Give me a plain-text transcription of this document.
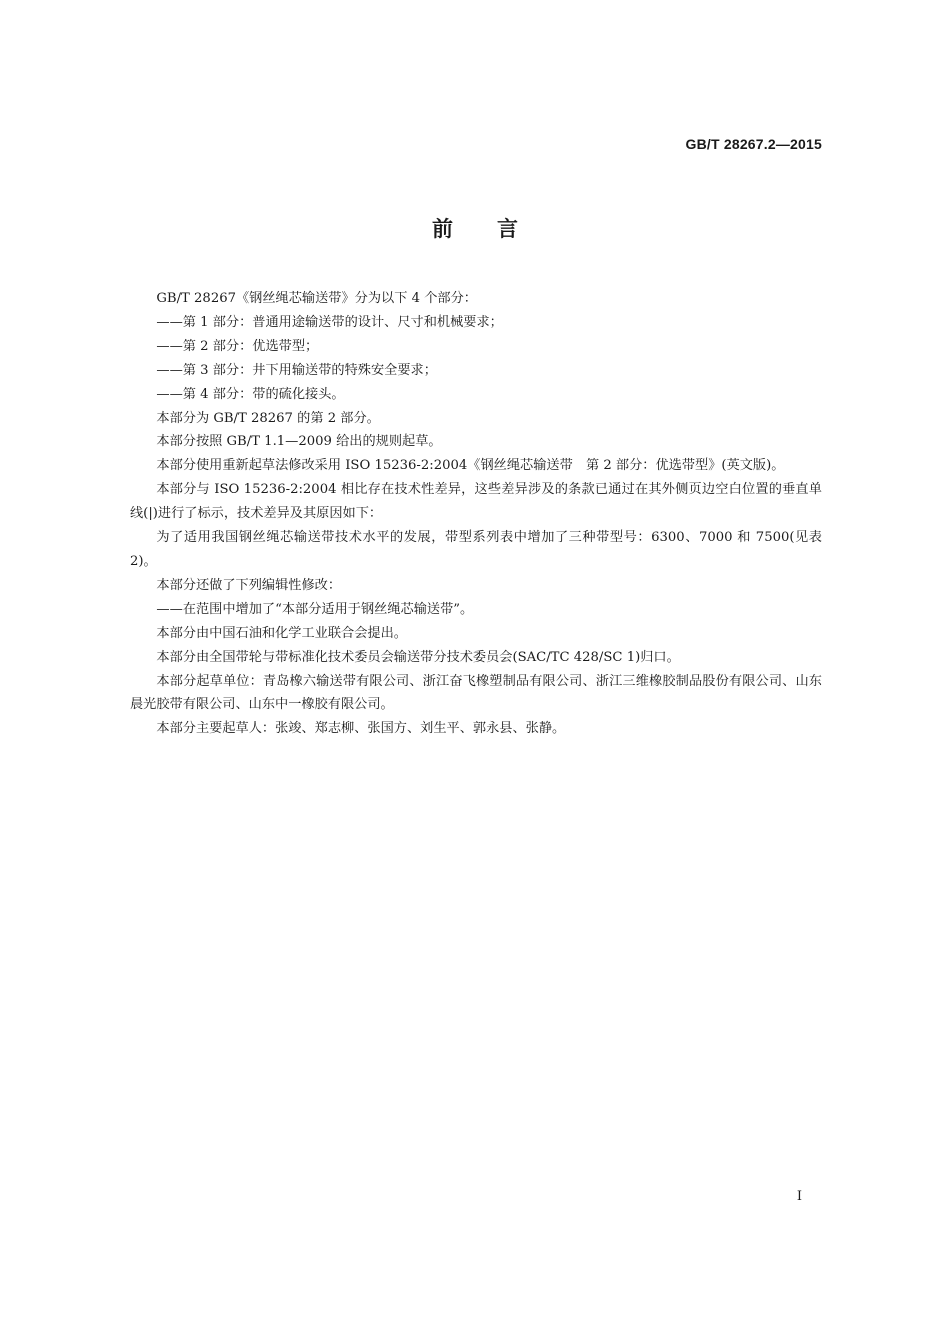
GB/T 28267.2—2015
前言

GB/T 28267《钢丝绳芯输送带》分为以下 4 个部分：

——第 1 部分：普通用途输送带的设计、尺寸和机械要求；

——第 2 部分：优选带型；

——第 3 部分：井下用输送带的特殊安全要求；

——第 4 部分：带的硫化接头。

本部分为 GB/T 28267 的第 2 部分。

本部分按照 GB/T 1.1—2009 给出的规则起草。

本部分使用重新起草法修改采用 ISO 15236-2:2004《钢丝绳芯输送带　第 2 部分：优选带型》(英文版)。

本部分与 ISO 15236-2:2004 相比存在技术性差异，这些差异涉及的条款已通过在其外侧页边空白位置的垂直单线(|)进行了标示，技术差异及其原因如下：

为了适用我国钢丝绳芯输送带技术水平的发展，带型系列表中增加了三种带型号：6300、7000 和 7500(见表 2)。

本部分还做了下列编辑性修改：

——在范围中增加了“本部分适用于钢丝绳芯输送带”。

本部分由中国石油和化学工业联合会提出。

本部分由全国带轮与带标准化技术委员会输送带分技术委员会(SAC/TC 428/SC 1)归口。

本部分起草单位：青岛橡六输送带有限公司、浙江奋飞橡塑制品有限公司、浙江三维橡胶制品股份有限公司、山东晨光胶带有限公司、山东中一橡胶有限公司。

本部分主要起草人：张竣、郑志柳、张国方、刘生平、郭永县、张静。

I
